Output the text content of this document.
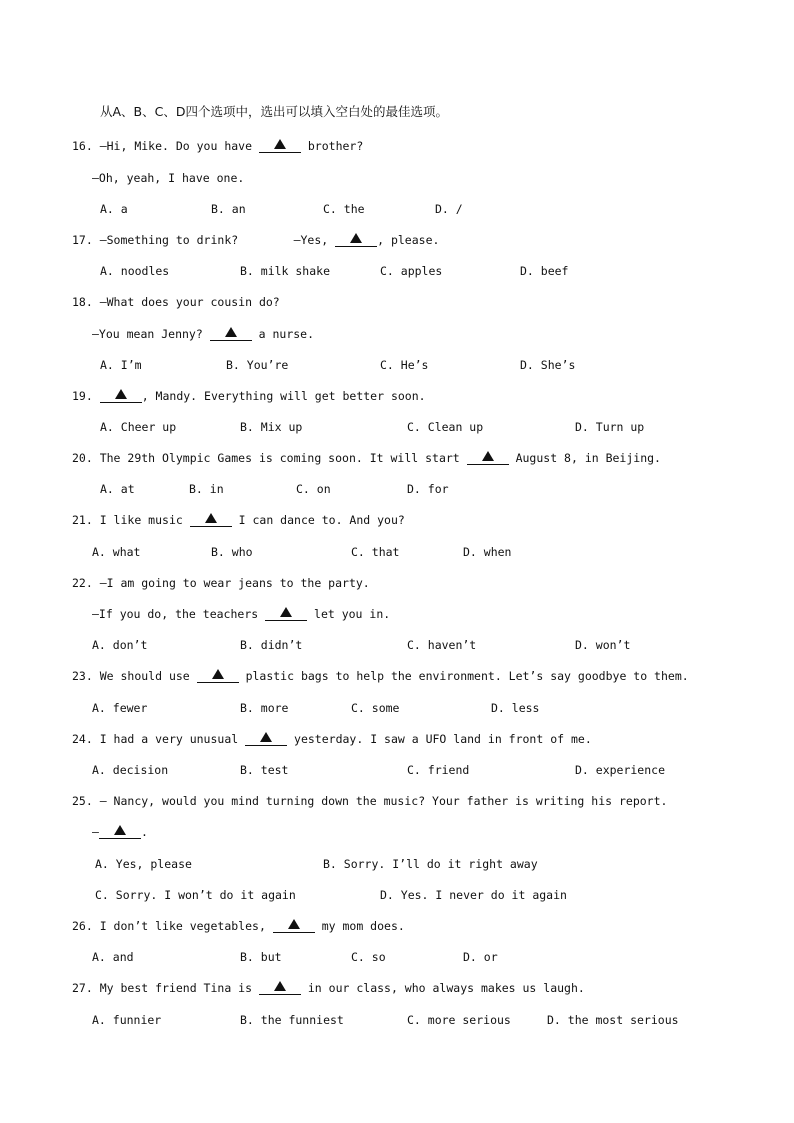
从A、B、C、D四个选项中，选出可以填入空白处的最佳选项。
16. —Hi, Mike. Do you have	brother?
—Oh, yeah, I have one.
A. a	B. an	C. the	D. /
17. —Something to drink?        —Yes,	, please.
A. noodles	B. milk shake	C. apples	D. beef
18. —What does your cousin do?
—You mean Jenny?	a nurse.
A. I’m	B. You’re	C. He’s	D. She’s
19.	, Mandy. Everything will get better soon.
A. Cheer up	B. Mix up	C. Clean up	D. Turn up
20. The 29th Olympic Games is coming soon. It will start	August 8, in Beijing.
A. at	B. in	C. on	D. for
21. I like music	I can dance to. And you?
A. what	B. who	C. that	D. when
22. —I am going to wear jeans to the party.
—If you do, the teachers	let you in.
A. don’t	B. didn’t	C. haven’t	D. won’t
23. We should use	plastic bags to help the environment. Let’s say goodbye to them.
A. fewer	B. more	C. some	D. less
24. I had a very unusual	yesterday. I saw a UFO land in front of me.
A. decision	B. test	C. friend	D. experience
25. — Nancy, would you mind turning down the music? Your father is writing his report.
—	.
A. Yes, please	B. Sorry. I’ll do it right away
C. Sorry. I won’t do it again	D. Yes. I never do it again
26. I don’t like vegetables,	my mom does.
A. and	B. but	C. so	D. or
27. My best friend Tina is	in our class, who always makes us laugh.
A. funnier	B. the funniest	C. more serious	D. the most serious
